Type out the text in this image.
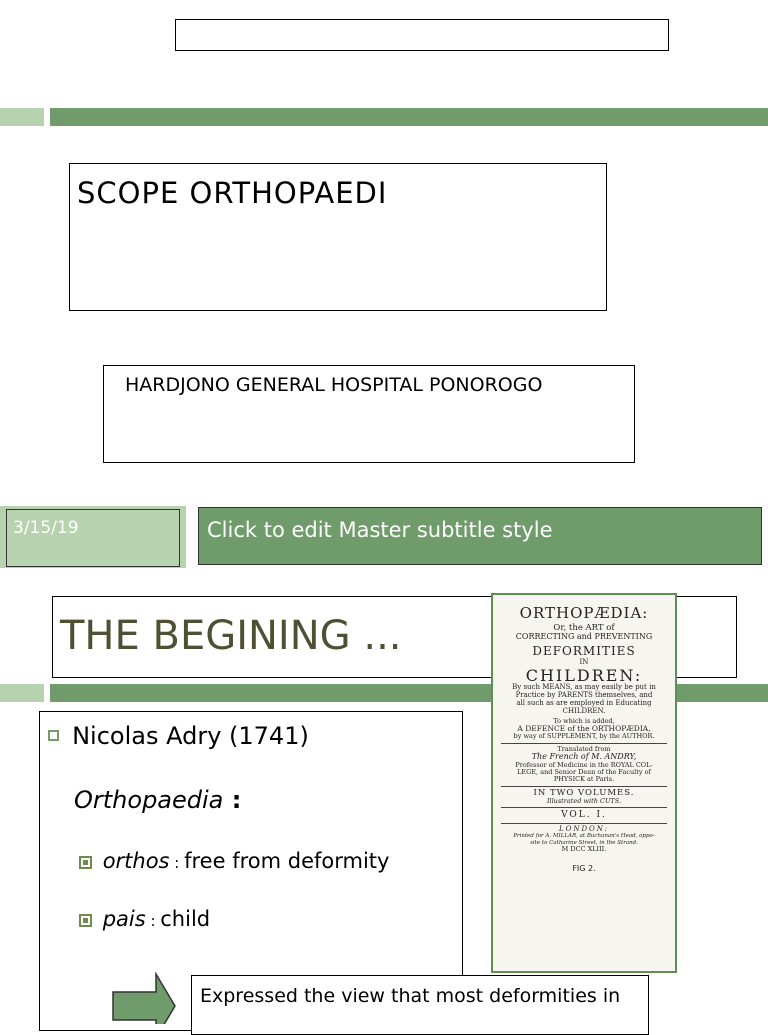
SCOPE ORTHOPAEDI
HARDJONO GENERAL HOSPITAL PONOROGO
3/15/19	Click to edit Master subtitle style
THE BEGINING ...
Nicolas Adry (1741)
Orthopaedia :
orthos : free from deformity
pais : child
Expressed the view that most deformities in
ORTHOPÆDIA:
Or, the ART of
CORRECTING and PREVENTING
DEFORMITIES
IN
CHILDREN:
By such MEANS, as may easily be put in
Practice by PARENTS themselves, and
all such as are employed in Educating
CHILDREN.
To which is added,
A DEFENCE of the ORTHOPÆDIA,
by way of SUPPLEMENT, by the AUTHOR.
Translated from
The French of M. ANDRY,
Professor of Medicine in the ROYAL COL-
LEGE, and Senior Dean of the Faculty of
PHYSICK at Paris.
IN TWO VOLUMES.
Illustrated with CUTS.
VOL. I.
LONDON:
Printed for A. MILLAR, at Buchanan's Head, oppo-
site to Catharine Street, in the Strand.
M DCC XLIII.
FIG 2.
